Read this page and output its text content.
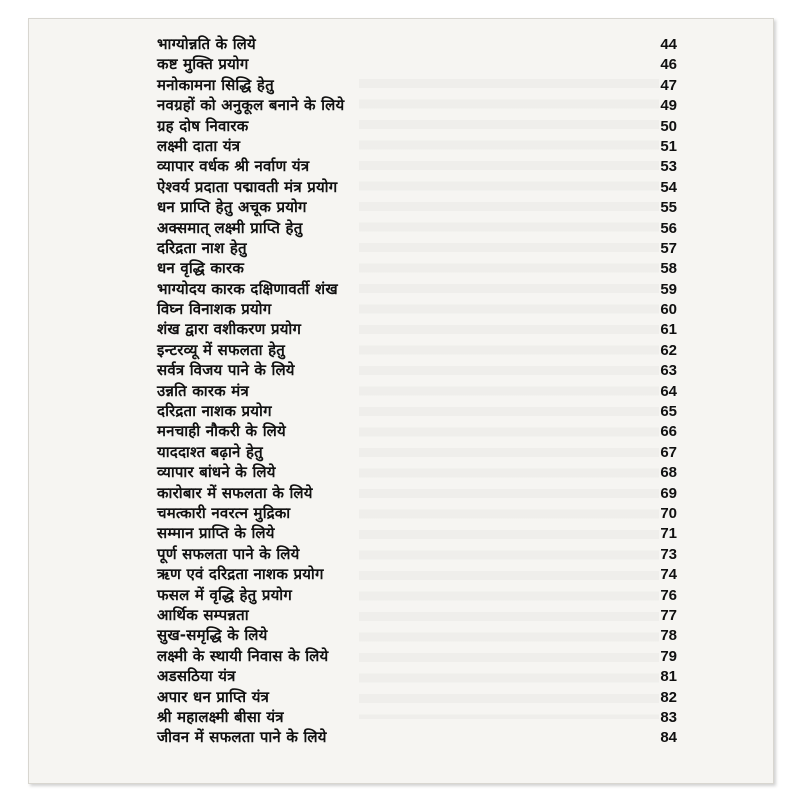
भाग्योन्नति के लिये	44
कष्ट मुक्ति प्रयोग	46
मनोकामना सिद्धि हेतु	47
नवग्रहों को अनुकूल बनाने के लिये	49
ग्रह दोष निवारक	50
लक्ष्मी दाता यंत्र	51
व्यापार वर्धक श्री नर्वाण यंत्र	53
ऐश्वर्य प्रदाता पद्मावती मंत्र प्रयोग	54
धन प्राप्ति हेतु अचूक प्रयोग	55
अक्समात् लक्ष्मी प्राप्ति हेतु	56
दरिद्रता नाश हेतु	57
धन वृद्धि कारक	58
भाग्योदय कारक दक्षिणावर्ती शंख	59
विघ्न विनाशक प्रयोग	60
शंख द्वारा वशीकरण प्रयोग	61
इन्टरव्यू में सफलता हेतु	62
सर्वत्र विजय पाने के लिये	63
उन्नति कारक मंत्र	64
दरिद्रता नाशक प्रयोग	65
मनचाही नौकरी के लिये	66
याददाश्त बढ़ाने हेतु	67
व्यापार बांधने के लिये	68
कारोबार में सफलता के लिये	69
चमत्कारी नवरत्न मुद्रिका	70
सम्मान प्राप्ति के लिये	71
पूर्ण सफलता पाने के लिये	73
ऋण एवं दरिद्रता नाशक प्रयोग	74
फसल में वृद्धि हेतु प्रयोग	76
आर्थिक सम्पन्नता	77
सुख-समृद्धि के लिये	78
लक्ष्मी के स्थायी निवास के लिये	79
अडसठिया यंत्र	81
अपार धन प्राप्ति यंत्र	82
श्री महालक्ष्मी बीसा यंत्र	83
जीवन में सफलता पाने के लिये	84
